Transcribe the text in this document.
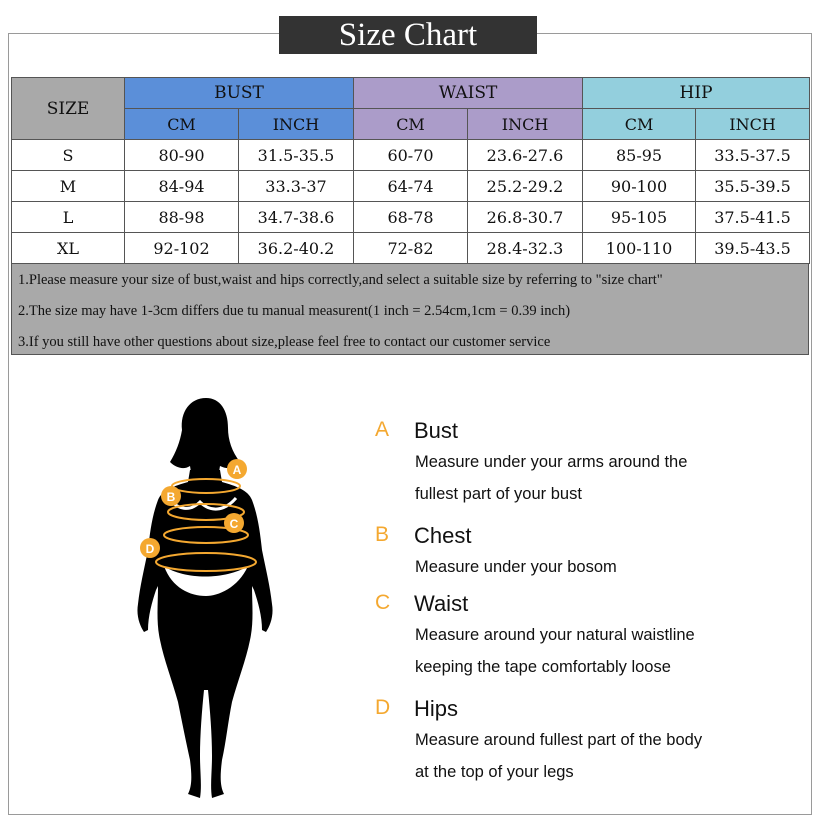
Size Chart
SIZE	BUST		WAIST		HIP	
	CM	INCH	CM	INCH	CM	INCH
S	80-90	31.5-35.5	60-70	23.6-27.6	85-95	33.5-37.5
M	84-94	33.3-37	64-74	25.2-29.2	90-100	35.5-39.5
L	88-98	34.7-38.6	68-78	26.8-30.7	95-105	37.5-41.5
XL	92-102	36.2-40.2	72-82	28.4-32.3	100-110	39.5-43.5
1.Please measure your size of bust,waist and hips correctly,and select a suitable size by referring to "size chart"
2.The size may have 1-3cm differs due tu manual measurent(1 inch = 2.54cm,1cm = 0.39 inch)
3.If you still have other questions about size,please feel free to contact our customer service
A
B
C
D
A Bust
Measure under your arms around the
fullest part of your bust
B Chest
Measure under your bosom
C Waist
Measure around your natural waistline
keeping the tape comfortably loose
D Hips
Measure around fullest part of the body
at the top of your legs
